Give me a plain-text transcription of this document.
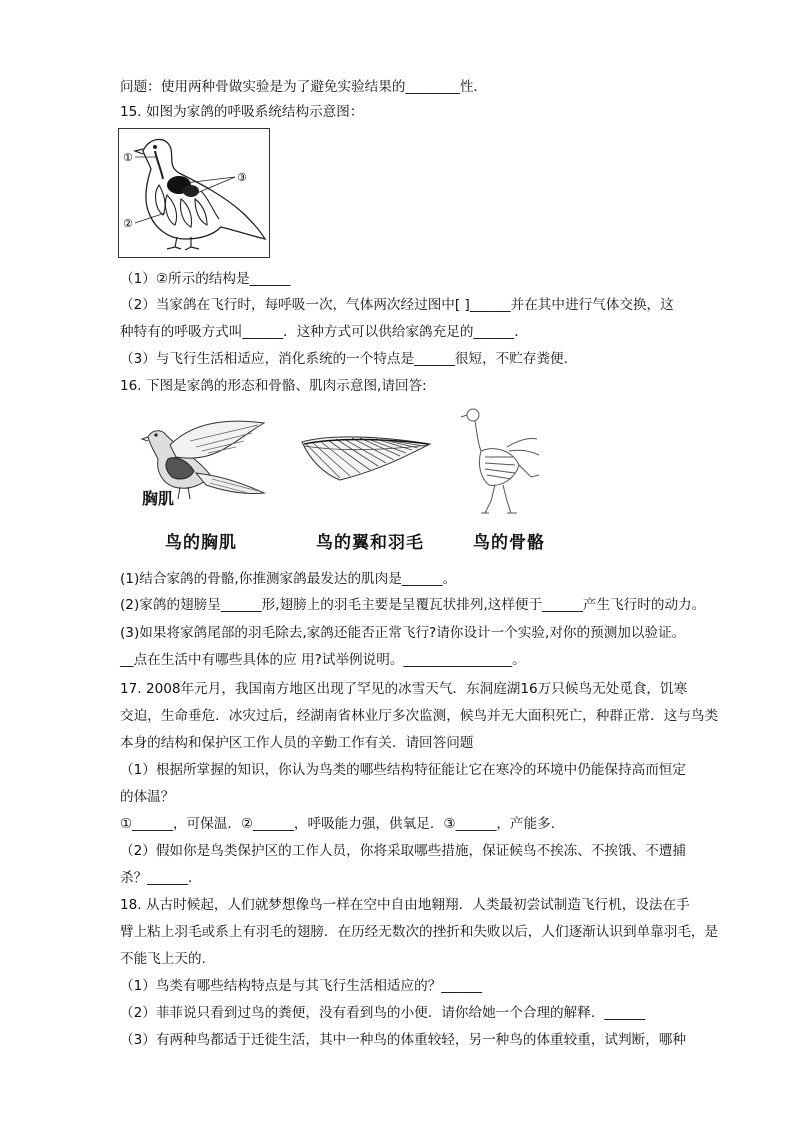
问题：使用两种骨做实验是为了避免实验结果的________性．
15. 如图为家鸽的呼吸系统结构示意图：
①
②
③
（1）②所示的结构是______
（2）当家鸽在飞行时，每呼吸一次，气体两次经过图中[ ]______并在其中进行气体交换，这
种特有的呼吸方式叫______．这种方式可以供给家鸽充足的______．
（3）与飞行生活相适应，消化系统的一个特点是______很短，不贮存粪便．
16. 下图是家鸽的形态和骨骼、肌肉示意图,请回答:
胸肌
鸟的胸肌	鸟的翼和羽毛	鸟的骨骼
(1)结合家鸽的骨骼,你推测家鸽最发达的肌肉是______。
(2)家鸽的翅膀呈______形,翅膀上的羽毛主要是呈覆瓦状排列,这样便于______产生飞行时的动力。
(3)如果将家鸽尾部的羽毛除去,家鸽还能否正常飞行?请你设计一个实验,对你的预测加以验证。
__点在生活中有哪些具体的应 用?试举例说明。________________。
17. 2008年元月，我国南方地区出现了罕见的冰雪天气．东洞庭湖16万只候鸟无处觅食，饥寒
交迫，生命垂危．冰灾过后，经湖南省林业厅多次监测，候鸟并无大面积死亡，种群正常．这与鸟类
本身的结构和保护区工作人员的辛勤工作有关．请回答问题
（1）根据所掌握的知识，你认为鸟类的哪些结构特征能让它在寒冷的环境中仍能保持高而恒定
的体温？
①______，可保温．②______，呼吸能力强，供氧足．③______，产能多．
（2）假如你是鸟类保护区的工作人员，你将采取哪些措施，保证候鸟不挨冻、不挨饿、不遭捕
杀？______.
18. 从古时候起，人们就梦想像鸟一样在空中自由地翱翔．人类最初尝试制造飞行机，设法在手
臂上粘上羽毛或系上有羽毛的翅膀．在历经无数次的挫折和失败以后，人们逐渐认识到单靠羽毛，是
不能飞上天的．
（1）鸟类有哪些结构特点是与其飞行生活相适应的？______
（2）菲菲说只看到过鸟的粪便，没有看到鸟的小便．请你给她一个合理的解释．______
（3）有两种鸟都适于迁徙生活，其中一种鸟的体重较轻，另一种鸟的体重较重，试判断，哪种
